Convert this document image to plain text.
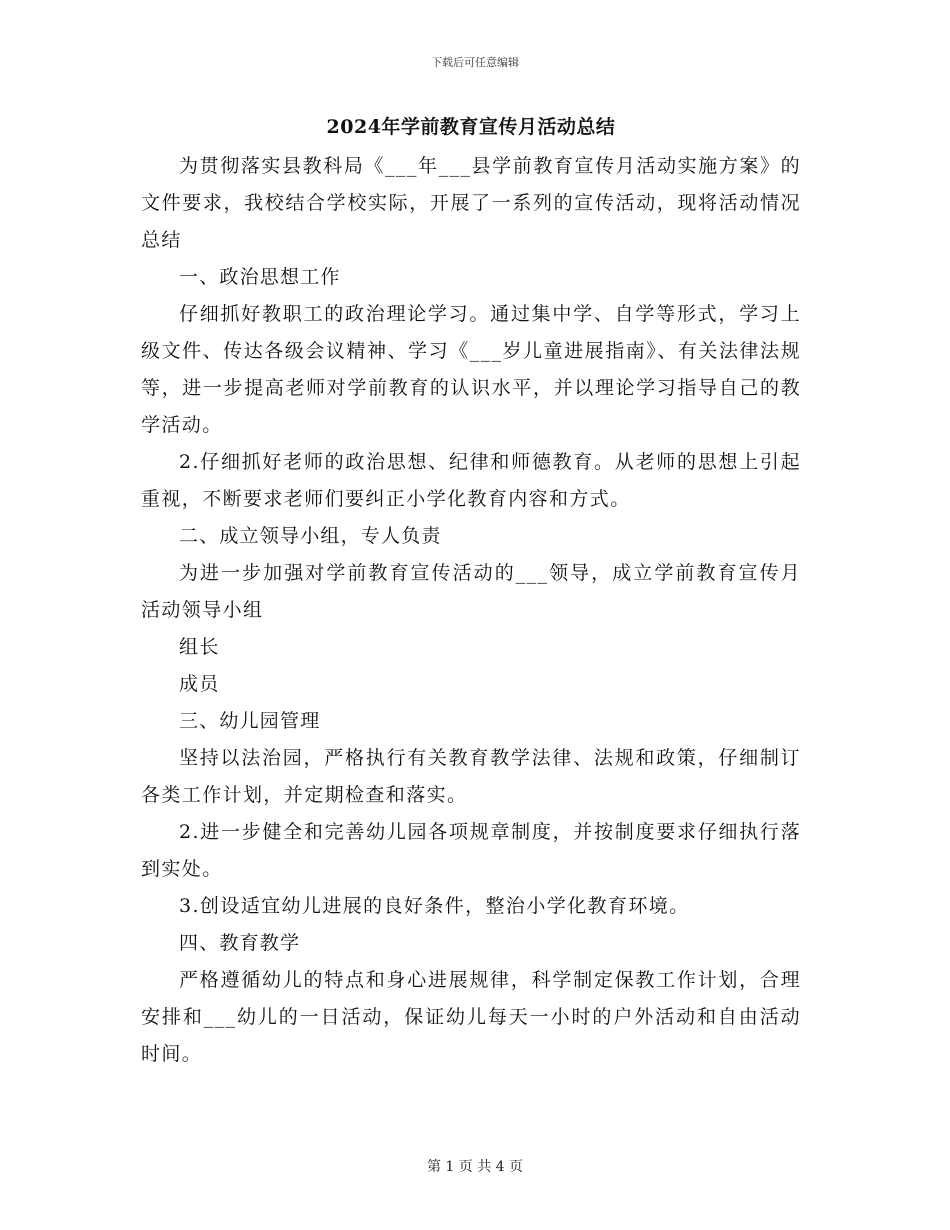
下载后可任意编辑
2024年学前教育宣传月活动总结

为贯彻落实县教科局《___年___县学前教育宣传月活动实施方案》的文件要求，我校结合学校实际，开展了一系列的宣传活动，现将活动情况总结

一、政治思想工作

仔细抓好教职工的政治理论学习。通过集中学、自学等形式，学习上级文件、传达各级会议精神、学习《___岁儿童进展指南》、有关法律法规等，进一步提高老师对学前教育的认识水平，并以理论学习指导自己的教学活动。

2.仔细抓好老师的政治思想、纪律和师德教育。从老师的思想上引起重视，不断要求老师们要纠正小学化教育内容和方式。

二、成立领导小组，专人负责

为进一步加强对学前教育宣传活动的___领导，成立学前教育宣传月活动领导小组

组长

成员

三、幼儿园管理

坚持以法治园，严格执行有关教育教学法律、法规和政策，仔细制订各类工作计划，并定期检查和落实。

2.进一步健全和完善幼儿园各项规章制度，并按制度要求仔细执行落到实处。

3.创设适宜幼儿进展的良好条件，整治小学化教育环境。

四、教育教学

严格遵循幼儿的特点和身心进展规律，科学制定保教工作计划，合理安排和___幼儿的一日活动，保证幼儿每天一小时的户外活动和自由活动时间。

第 1 页 共 4 页
